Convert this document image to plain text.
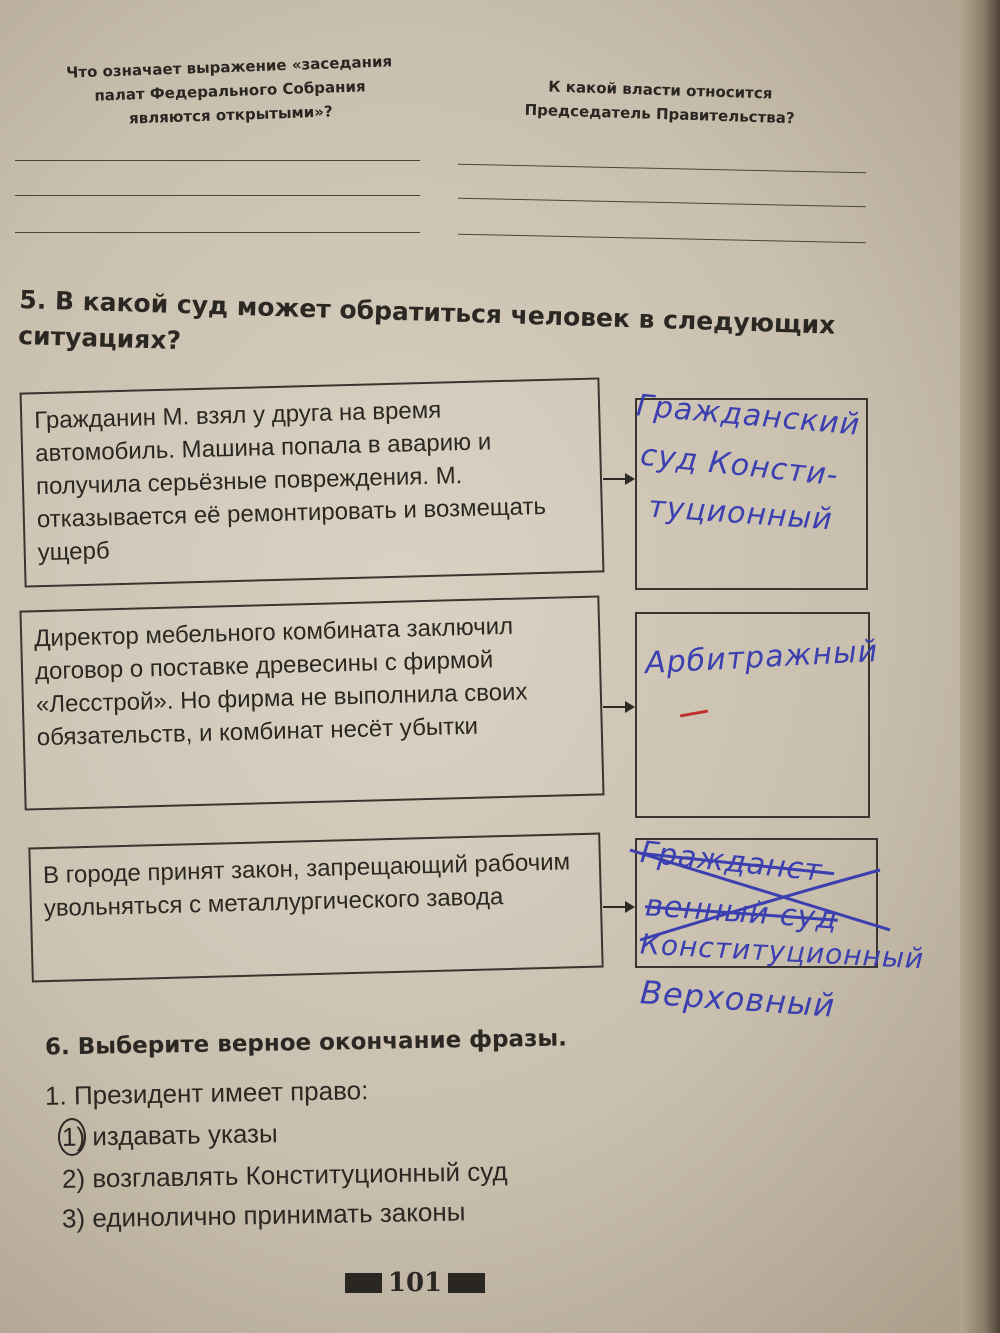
Что означает выражение «заседания палат Федерального Собрания являются открытыми»?
К какой власти относится Председатель Правительства?
5. В какой суд может обратиться человек в следующих ситуациях?
Гражданин М. взял у друга на время автомобиль. Машина попала в аварию и получила серьёзные повреждения. М. отказывается её ремонтировать и возмещать ущерб
Гражданский
суд Консти-
туционный
Директор мебельного комбината заключил договор о поставке древесины с фирмой «Лесстрой». Но фирма не выполнила своих обязательств, и комбинат несёт убытки
Арбитражный
В городе принят закон, запрещающий рабочим увольняться с металлургического завода
Гражданст-
венный суд
Конституционный
Верховный
6. Выберите верное окончание фразы.
1. Президент имеет право:
1) издавать указы
2) возглавлять Конституционный суд
3) единолично принимать законы
101
